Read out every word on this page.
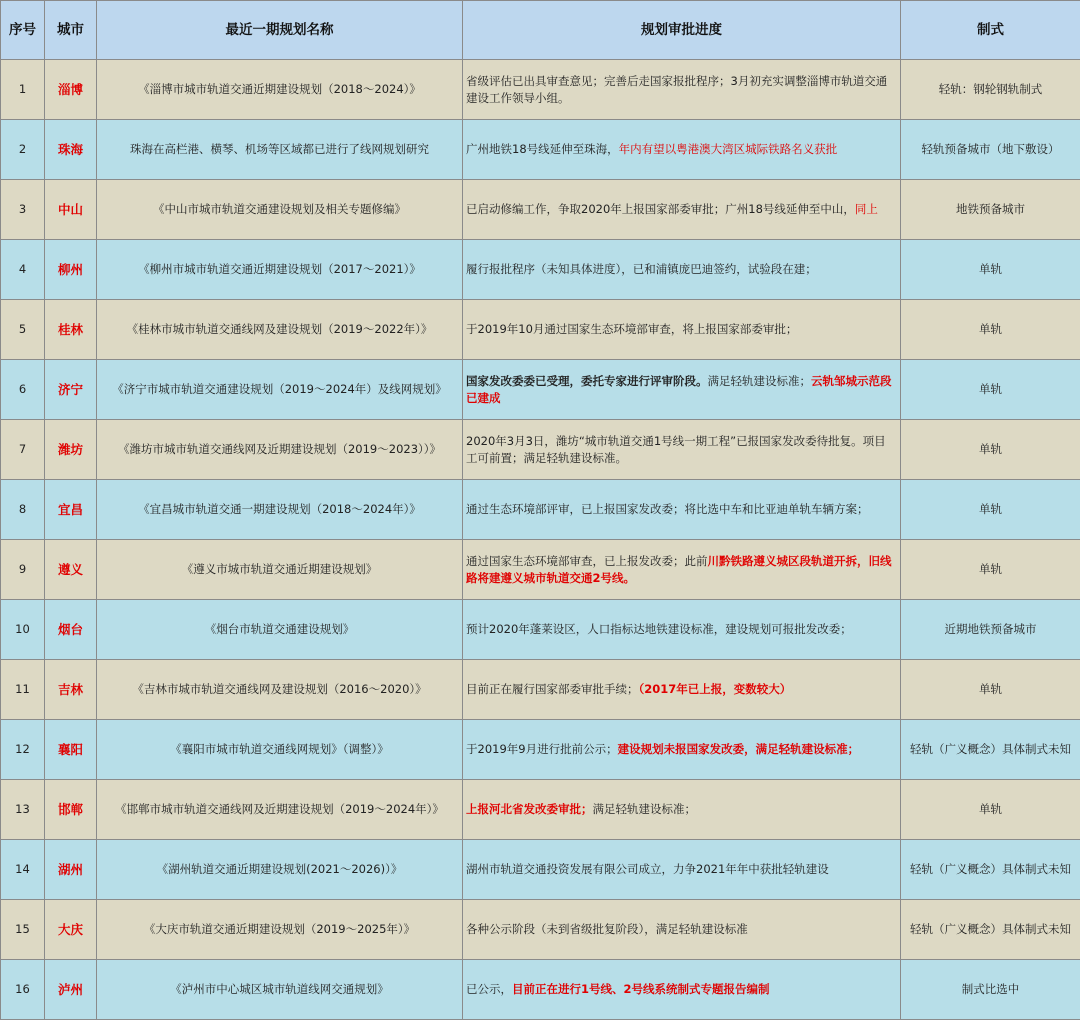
序号	城市	最近一期规划名称	规划审批进度	制式
1	淄博	《淄博市城市轨道交通近期建设规划（2018～2024）》	省级评估已出具审查意见；完善后走国家报批程序；3月初充实调整淄博市轨道交通建设工作领导小组。	轻轨：钢轮钢轨制式
2	珠海	珠海在高栏港、横琴、机场等区域都已进行了线网规划研究	广州地铁18号线延伸至珠海，年内有望以粤港澳大湾区城际铁路名义获批	轻轨预备城市（地下敷设）
3	中山	《中山市城市轨道交通建设规划及相关专题修编》	已启动修编工作，争取2020年上报国家部委审批；广州18号线延伸至中山，同上	地铁预备城市
4	柳州	《柳州市城市轨道交通近期建设规划（2017～2021）》	履行报批程序（未知具体进度），已和浦镇庞巴迪签约，试验段在建；	单轨
5	桂林	《桂林市城市轨道交通线网及建设规划（2019～2022年）》	于2019年10月通过国家生态环境部审查，将上报国家部委审批；	单轨
6	济宁	《济宁市城市轨道交通建设规划（2019～2024年）及线网规划》	国家发改委委已受理，委托专家进行评审阶段。满足轻轨建设标准；云轨邹城示范段已建成	单轨
7	潍坊	《潍坊市城市轨道交通线网及近期建设规划（2019～2023））》	2020年3月3日，潍坊“城市轨道交通1号线一期工程”已报国家发改委待批复。项目工可前置；满足轻轨建设标准。	单轨
8	宜昌	《宜昌城市轨道交通一期建设规划（2018～2024年）》	通过生态环境部评审，已上报国家发改委；将比选中车和比亚迪单轨车辆方案；	单轨
9	遵义	《遵义市城市轨道交通近期建设规划》	通过国家生态环境部审查，已上报发改委；此前川黔铁路遵义城区段轨道开拆，旧线路将建遵义城市轨道交通2号线。	单轨
10	烟台	《烟台市轨道交通建设规划》	预计2020年蓬莱设区，人口指标达地铁建设标准，建设规划可报批发改委；	近期地铁预备城市
11	吉林	《吉林市城市轨道交通线网及建设规划（2016～2020）》	目前正在履行国家部委审批手续；（2017年已上报，变数较大）	单轨
12	襄阳	《襄阳市城市轨道交通线网规划》（调整）》	于2019年9月进行批前公示；建设规划未报国家发改委，满足轻轨建设标准；	轻轨（广义概念）具体制式未知
13	邯郸	《邯郸市城市轨道交通线网及近期建设规划（2019～2024年）》	上报河北省发改委审批；满足轻轨建设标准；	单轨
14	湖州	《湖州轨道交通近期建设规划(2021～2026)）》	湖州市轨道交通投资发展有限公司成立，力争2021年年中获批轻轨建设	轻轨（广义概念）具体制式未知
15	大庆	《大庆市轨道交通近期建设规划（2019～2025年）》	各种公示阶段（未到省级批复阶段），满足轻轨建设标准	轻轨（广义概念）具体制式未知
16	泸州	《泸州市中心城区城市轨道线网交通规划》	已公示，目前正在进行1号线、2号线系统制式专题报告编制	制式比选中
